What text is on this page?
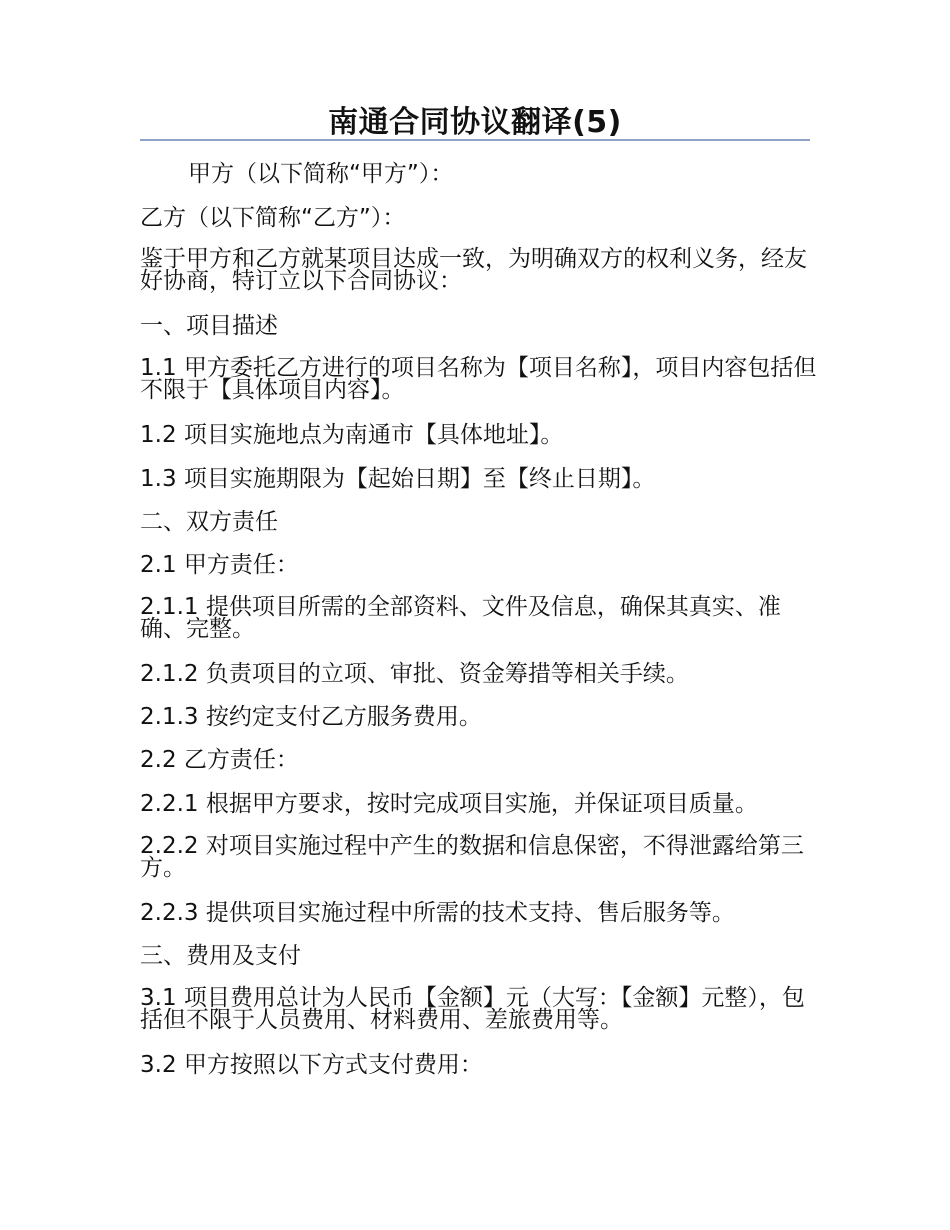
南通合同协议翻译(5)
甲方（以下简称“甲方”）：
乙方（以下简称“乙方”）：
鉴于甲方和乙方就某项目达成一致，为明确双方的权利义务，经友好协商，特订立以下合同协议：
一、项目描述
1.1 甲方委托乙方进行的项目名称为【项目名称】，项目内容包括但不限于【具体项目内容】。
1.2 项目实施地点为南通市【具体地址】。
1.3 项目实施期限为【起始日期】至【终止日期】。
二、双方责任
2.1 甲方责任：
2.1.1 提供项目所需的全部资料、文件及信息，确保其真实、准确、完整。
2.1.2 负责项目的立项、审批、资金筹措等相关手续。
2.1.3 按约定支付乙方服务费用。
2.2 乙方责任：
2.2.1 根据甲方要求，按时完成项目实施，并保证项目质量。
2.2.2 对项目实施过程中产生的数据和信息保密，不得泄露给第三方。
2.2.3 提供项目实施过程中所需的技术支持、售后服务等。
三、费用及支付
3.1 项目费用总计为人民币【金额】元（大写：【金额】元整），包括但不限于人员费用、材料费用、差旅费用等。
3.2 甲方按照以下方式支付费用：
